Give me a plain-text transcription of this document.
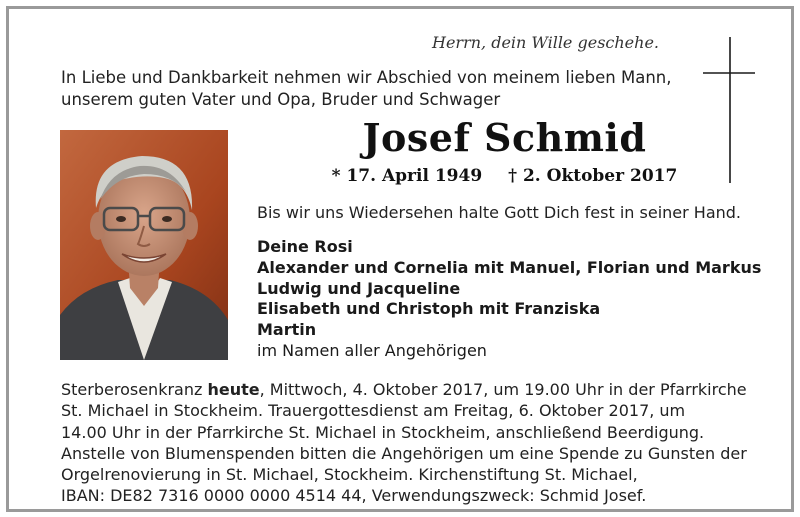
Herrn, dein Wille geschehe.
In Liebe und Dankbarkeit nehmen wir Abschied von meinem lieben Mann,
unserem guten Vater und Opa, Bruder und Schwager
Josef Schmid
* 17. April 1949 † 2. Oktober 2017
Bis wir uns Wiedersehen halte Gott Dich fest in seiner Hand.
Deine Rosi
Alexander und Cornelia mit Manuel, Florian und Markus
Ludwig und Jacqueline
Elisabeth und Christoph mit Franziska
Martin
im Namen aller Angehörigen
Sterberosenkranz heute, Mittwoch, 4. Oktober 2017, um 19.00 Uhr in der Pfarrkirche
St. Michael in Stockheim. Trauergottesdienst am Freitag, 6. Oktober 2017, um
14.00 Uhr in der Pfarrkirche St. Michael in Stockheim, anschließend Beerdigung.
Anstelle von Blumenspenden bitten die Angehörigen um eine Spende zu Gunsten der
Orgelrenovierung in St. Michael, Stockheim. Kirchenstiftung St. Michael,
IBAN: DE82 7316 0000 0000 4514 44, Verwendungszweck: Schmid Josef.
